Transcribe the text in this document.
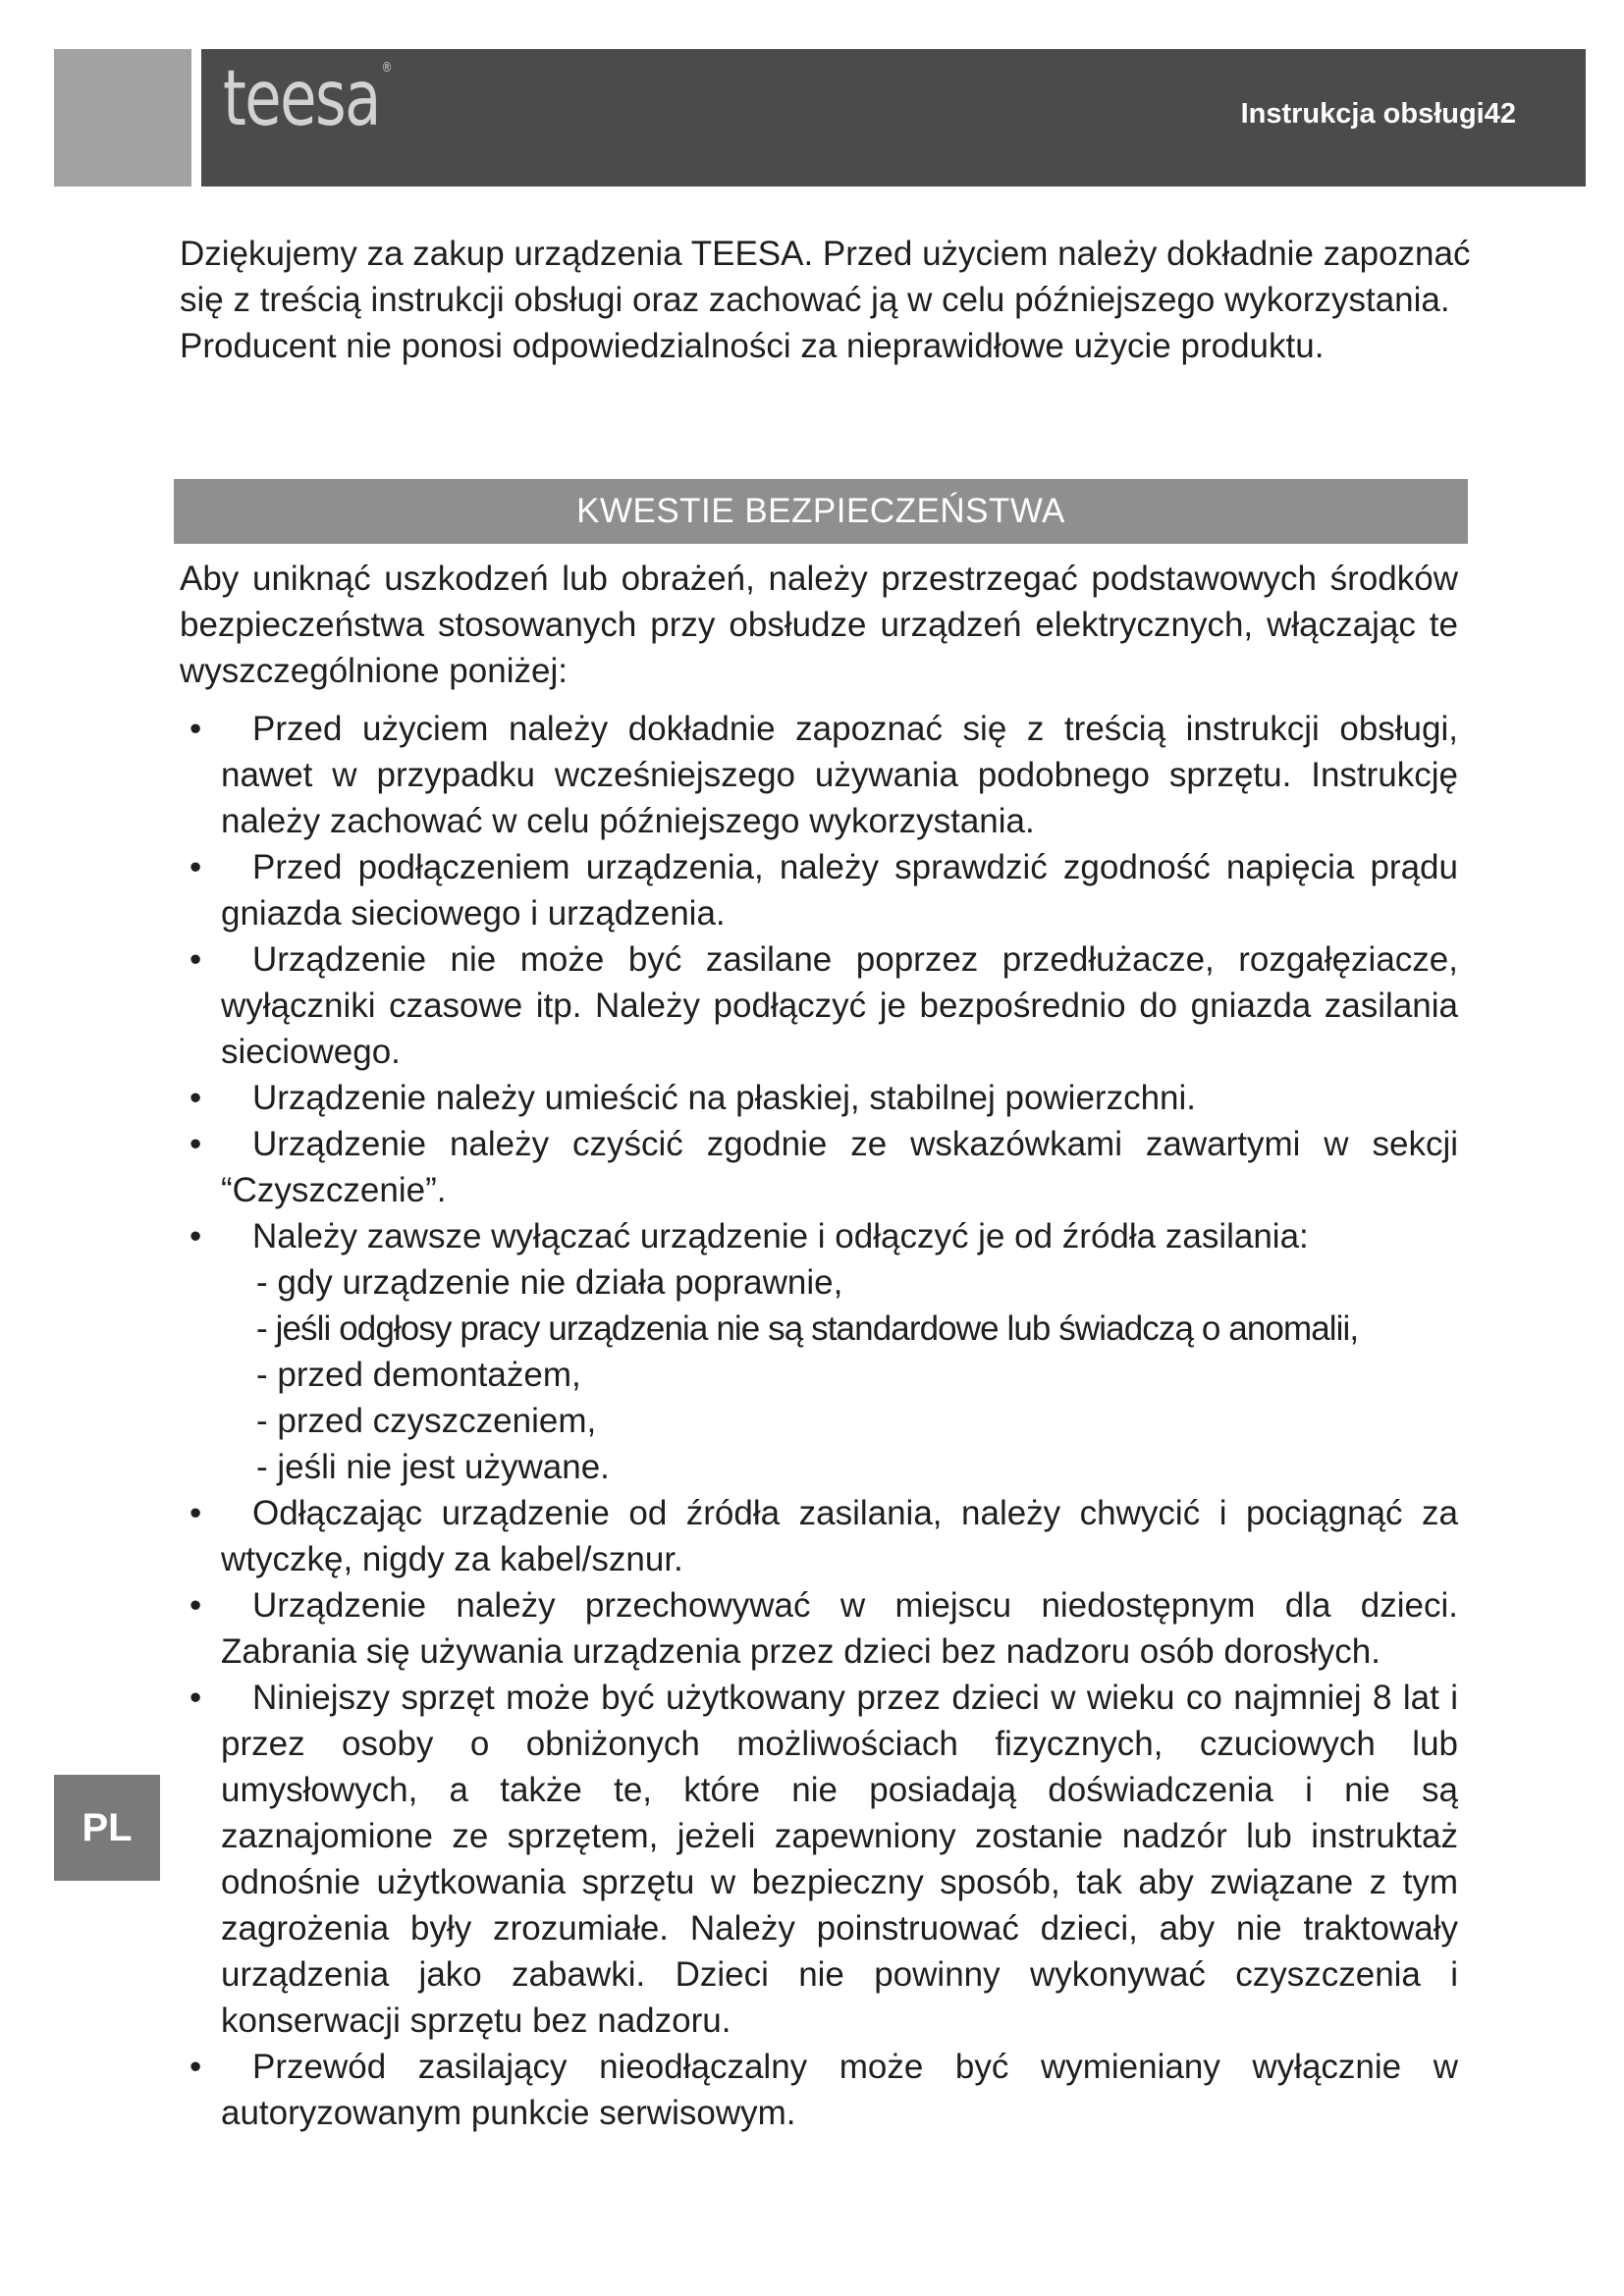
teesa ®
Instrukcja obsługi42

Dziękujemy za zakup urządzenia TEESA. Przed użyciem należy dokładnie zapoznać się z treścią instrukcji obsługi oraz zachować ją w celu późniejszego wykorzystania. Producent nie ponosi odpowiedzialności za nieprawidłowe użycie produktu.

KWESTIE BEZPIECZEŃSTWA

Aby uniknąć uszkodzeń lub obrażeń, należy przestrzegać podstawowych środków bezpieczeństwa stosowanych przy obsłudze urządzeń elektrycznych, włączając te wyszczególnione poniżej:

•	Przed użyciem należy dokładnie zapoznać się z treścią instrukcji obsługi, nawet w przypadku wcześniejszego używania podobnego sprzętu. Instrukcję należy zachować w celu późniejszego wykorzystania.
•	Przed podłączeniem urządzenia, należy sprawdzić zgodność napięcia prądu gniazda sieciowego i urządzenia.
•	Urządzenie nie może być zasilane poprzez przedłużacze, rozgałęziacze, wyłączniki czasowe itp. Należy podłączyć je bezpośrednio do gniazda zasilania sieciowego.
•	Urządzenie należy umieścić na płaskiej, stabilnej powierzchni.
•	Urządzenie należy czyścić zgodnie ze wskazówkami zawartymi w sekcji “Czyszczenie”.
•	Należy zawsze wyłączać urządzenie i odłączyć je od źródła zasilania:
- gdy urządzenie nie działa poprawnie,
- jeśli odgłosy pracy urządzenia nie są standardowe lub świadczą o anomalii,
- przed demontażem,
- przed czyszczeniem,
- jeśli nie jest używane.
•	Odłączając urządzenie od źródła zasilania, należy chwycić i pociągnąć za wtyczkę, nigdy za kabel/sznur.
•	Urządzenie należy przechowywać w miejscu niedostępnym dla dzieci. Zabrania się używania urządzenia przez dzieci bez nadzoru osób dorosłych.
•	Niniejszy sprzęt może być użytkowany przez dzieci w wieku co najmniej 8 lat i przez osoby o obniżonych możliwościach fizycznych, czuciowych lub umysłowych, a także te, które nie posiadają doświadczenia i nie są zaznajomione ze sprzętem, jeżeli zapewniony zostanie nadzór lub instruktaż odnośnie użytkowania sprzętu w bezpieczny sposób, tak aby związane z tym zagrożenia były zrozumiałe. Należy poinstruować dzieci, aby nie traktowały urządzenia jako zabawki. Dzieci nie powinny wykonywać czyszczenia i konserwacji sprzętu bez nadzoru.
•	Przewód zasilający nieodłączalny może być wymieniany wyłącznie w autoryzowanym punkcie serwisowym.
PL
